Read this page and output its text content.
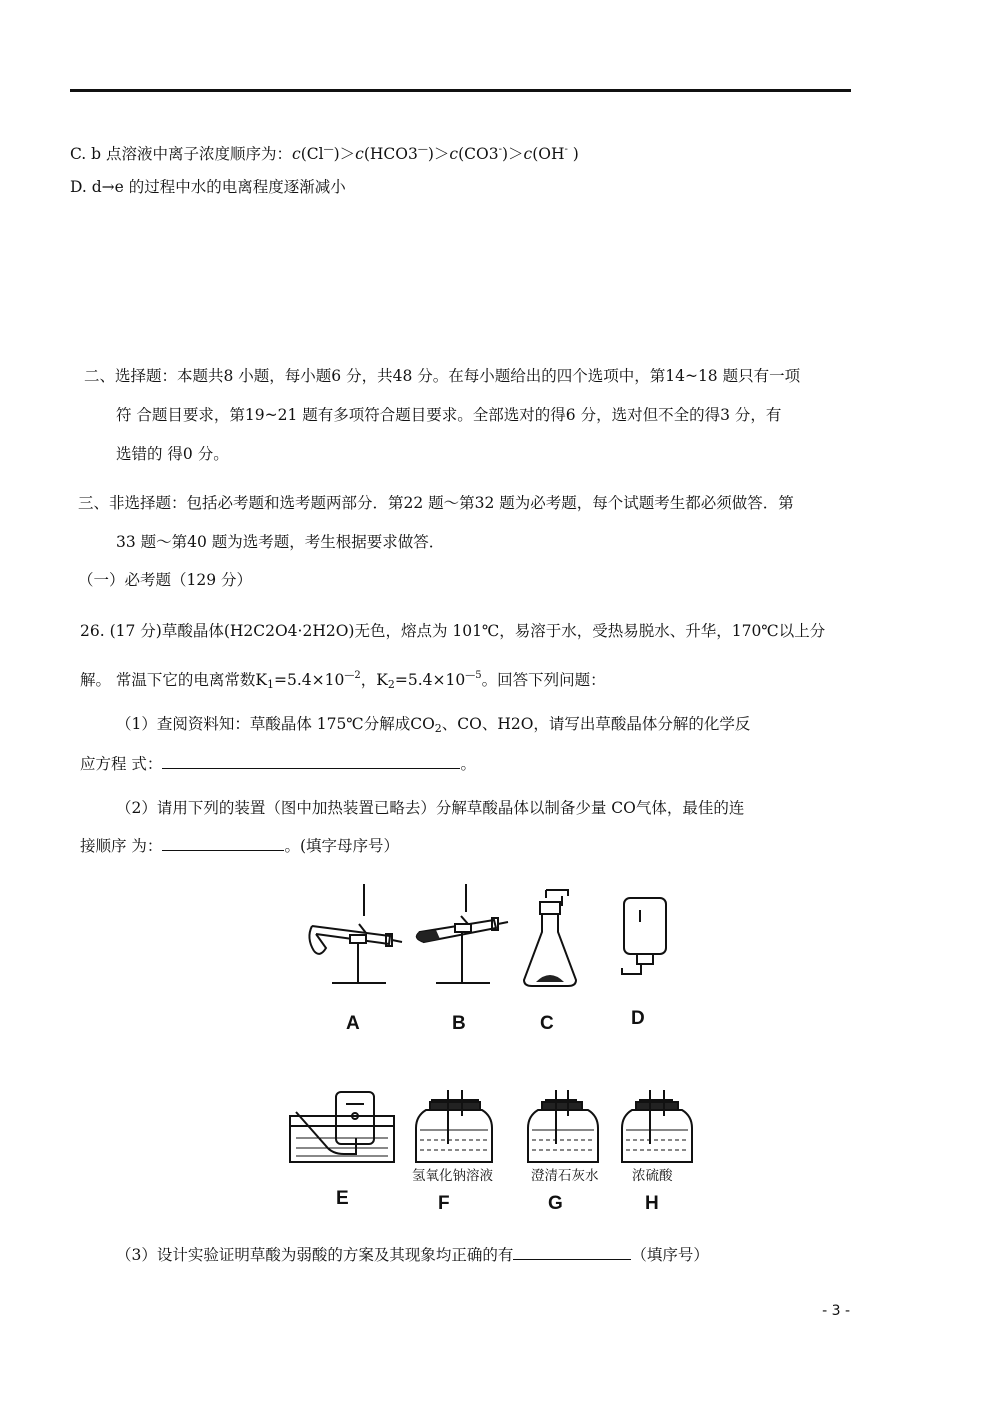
C. b 点溶液中离子浓度顺序为：c(Cl—)＞c(HCO3—)＞c(CO3-)＞c(OH- )
D. d→e 的过程中水的电离程度逐渐减小
二、选择题：本题共8 小题，每小题6 分，共48 分。在每小题给出的四个选项中，第14~18 题只有一项
符 合题目要求，第19~21 题有多项符合题目要求。全部选对的得6 分，选对但不全的得3 分，有
选错的 得0 分。
三、非选择题：包括必考题和选考题两部分．第22 题～第32 题为必考题，每个试题考生都必须做答．第
33 题～第40 题为选考题，考生根据要求做答．
（一）必考题（129 分）
26. (17 分)草酸晶体(H2C2O4·2H2O)无色，熔点为 101℃，易溶于水，受热易脱水、升华，170℃以上分
解。 常温下它的电离常数$K_1=5.4\times 10^{—2}$，$K_2=5.4\times 10^{—5}$。回答下列问题：
（1）查阅资料知：草酸晶体 175℃分解成$CO_2$、CO、H2O，请写出草酸晶体分解的化学反
应方程 式：	。
（2）请用下列的装置（图中加热装置已略去）分解草酸晶体以制备少量 CO气体，最佳的连
接顺序 为：	。(填字母序号）
A	B	C	D
E	F	G	H
氢氧化钠溶液	澄清石灰水 浓硫酸
（3）设计实验证明草酸为弱酸的方案及其现象均正确的有	（填序号）
- 3 -
